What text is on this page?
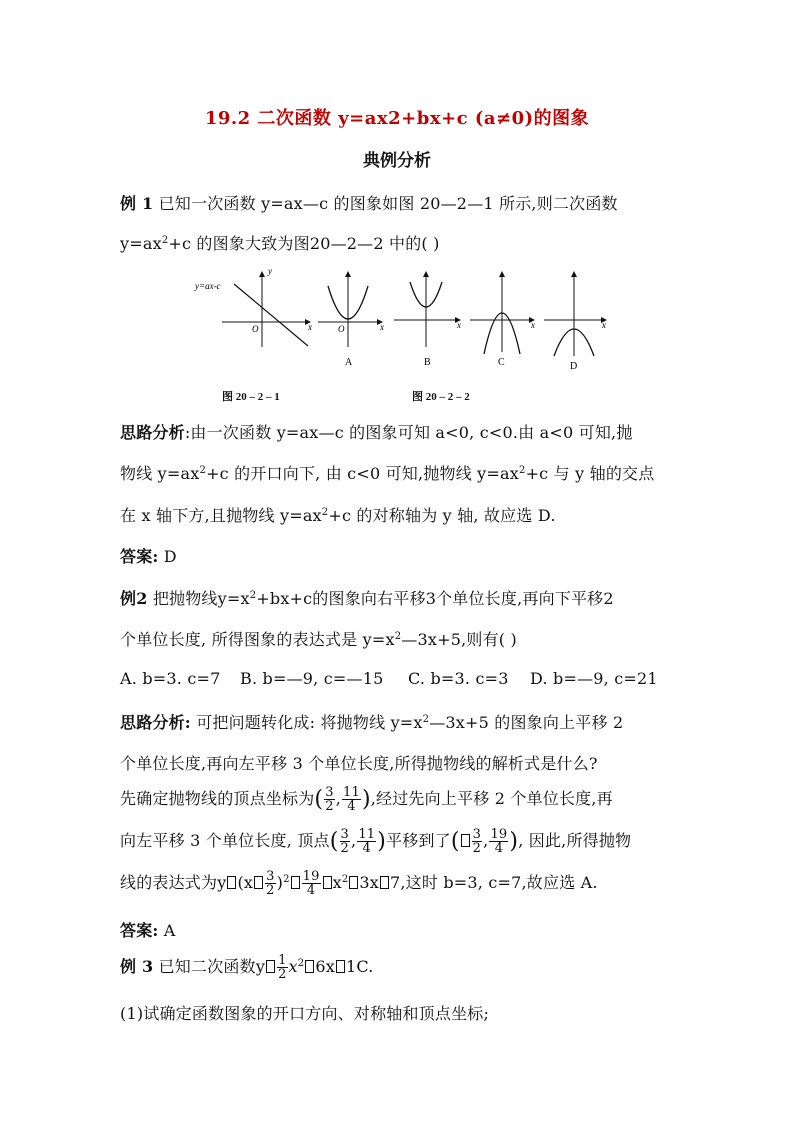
19.2 二次函数 y=ax2+bx+c (a≠0)的图象
典例分析
例 1 已知一次函数 y=ax—c 的图象如图 20—2—1 所示,则二次函数
$y=ax^2+c$ 的图象大致为图20—2—2 中的( )
y=ax-c
y
x
O	x
O
A
x
B
x
C
x
D
图 20 – 2 – 1	图 20 – 2 – 2
思路分析:由一次函数 y=ax—c 的图象可知 a<0, c<0.由 a<0 可知,抛
物线 $y=ax^2+c$ 的开口向下, 由 c<0 可知,抛物线 $y=ax^2+c$ 与 y 轴的交点
在 x 轴下方,且抛物线 $y=ax^2+c$ 的对称轴为 y 轴, 故应选 D.
答案: D
例2 把抛物线$y=x^2+bx+c$的图象向右平移3个单位长度,再向下平移2
个单位长度, 所得图象的表达式是 $y=x^2—3x+5$,则有( )
A. b=3. c=7 B. b=—9, c=—15 C. b=3. c=3 D. b=—9, c=21
思路分析: 可把问题转化成: 将抛物线 $y=x^2—3x+5$ 的图象向上平移 2
个单位长度,再向左平移 3 个单位长度,所得抛物线的解析式是什么?
先确定抛物线的顶点坐标为( $\frac{3}{2}$ , $\frac{11}{4}$ ),经过先向上平移 2 个单位长度,再
向左平移 3 个单位长度, 顶点( $\frac{3}{2}$ , $\frac{11}{4}$ )平移到了( $\frac{3}{2}$ , $\frac{19}{4}$ ), 因此,所得抛物
线的表达式为y $(x \frac{3}{2} )^2 \frac{19}{4} x^2$ 3x 7,这时 b=3, c=7,故应选 A.
答案: A
例 3 已知二次函数y $\frac{1}{2} x^2$ 6x 1C.
(1)试确定函数图象的开口方向、对称轴和顶点坐标;
